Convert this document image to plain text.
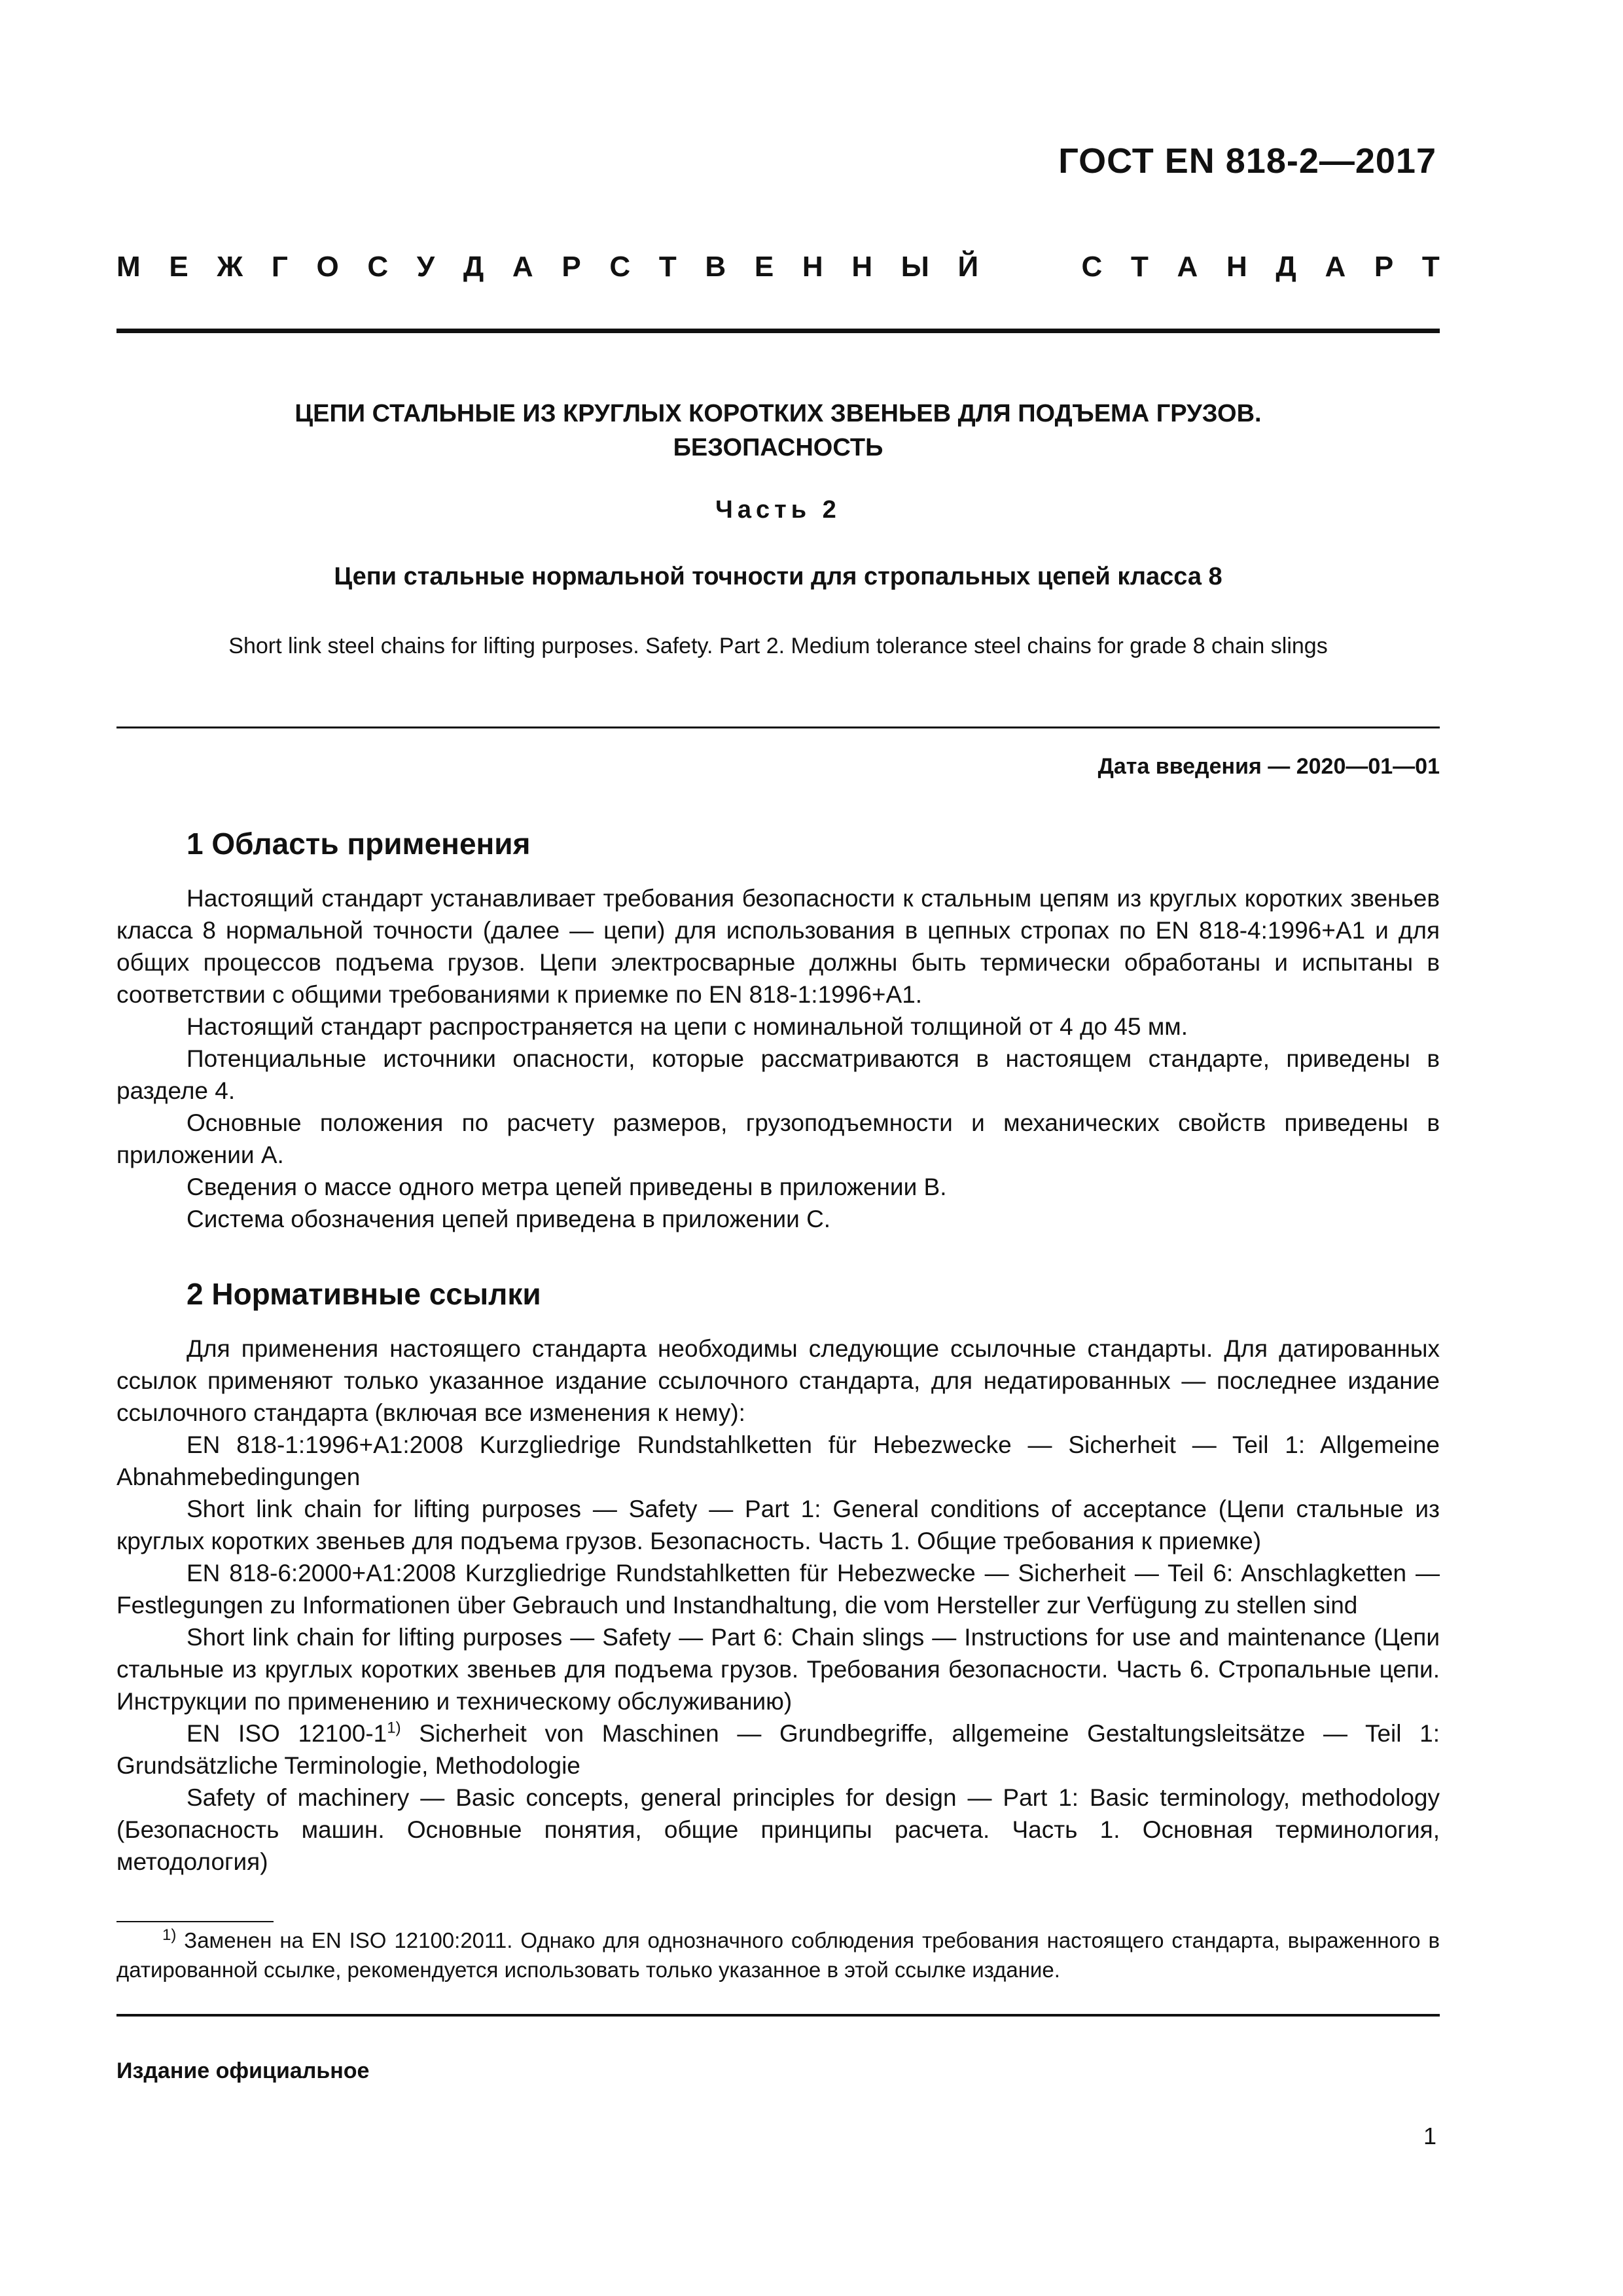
ГОСТ EN 818-2—2017
М Е Ж Г О С У Д А Р С Т В Е Н Н Ы Й	С Т А Н Д А Р Т
ЦЕПИ СТАЛЬНЫЕ ИЗ КРУГЛЫХ КОРОТКИХ ЗВЕНЬЕВ ДЛЯ ПОДЪЕМА ГРУЗОВ.
БЕЗОПАСНОСТЬ
Часть 2
Цепи стальные нормальной точности для стропальных цепей класса 8
Short link steel chains for lifting purposes. Safety. Part 2. Medium tolerance steel chains for grade 8 chain slings
Дата введения — 2020—01—01
1 Область применения

Настоящий стандарт устанавливает требования безопасности к стальным цепям из круглых коротких звеньев класса 8 нормальной точности (далее — цепи) для использования в цепных стропах по EN 818-4:1996+A1 и для общих процессов подъема грузов. Цепи электросварные должны быть термически обработаны и испытаны в соответствии с общими требованиями к приемке по EN 818-1:1996+A1.

Настоящий стандарт распространяется на цепи с номинальной толщиной от 4 до 45 мм.

Потенциальные источники опасности, которые рассматриваются в настоящем стандарте, приведены в разделе 4.

Основные положения по расчету размеров, грузоподъемности и механических свойств приведены в приложении А.

Сведения о массе одного метра цепей приведены в приложении В.

Система обозначения цепей приведена в приложении С.

2 Нормативные ссылки

Для применения настоящего стандарта необходимы следующие ссылочные стандарты. Для датированных ссылок применяют только указанное издание ссылочного стандарта, для недатированных — последнее издание ссылочного стандарта (включая все изменения к нему):

EN 818-1:1996+A1:2008 Kurzgliedrige Rundstahlketten für Hebezwecke — Sicherheit — Teil 1: Allgemeine Abnahmebedingungen

Short link chain for lifting purposes — Safety — Part 1: General conditions of acceptance (Цепи стальные из круглых коротких звеньев для подъема грузов. Безопасность. Часть 1. Общие требования к приемке)

EN 818-6:2000+A1:2008 Kurzgliedrige Rundstahlketten für Hebezwecke — Sicherheit — Teil 6: Anschlagketten — Festlegungen zu Informationen über Gebrauch und Instandhaltung, die vom Hersteller zur Verfügung zu stellen sind

Short link chain for lifting purposes — Safety — Part 6: Chain slings — Instructions for use and maintenance (Цепи стальные из круглых коротких звеньев для подъема грузов. Требования безопасности. Часть 6. Стропальные цепи. Инструкции по применению и техническому обслуживанию)

EN ISO 12100-1$^{1)}$ Sicherheit von Maschinen — Grundbegriffe, allgemeine Gestaltungsleitsätze — Teil 1: Grundsätzliche Terminologie, Methodologie

Safety of machinery — Basic concepts, general principles for design — Part 1: Basic terminology, methodology (Безопасность машин. Основные понятия, общие принципы расчета. Часть 1. Основная терминология, методология)

$^{1)}$ Заменен на EN ISO 12100:2011. Однако для однозначного соблюдения требования настоящего стандарта, выраженного в датированной ссылке, рекомендуется использовать только указанное в этой ссылке издание.

Издание официальное
1
